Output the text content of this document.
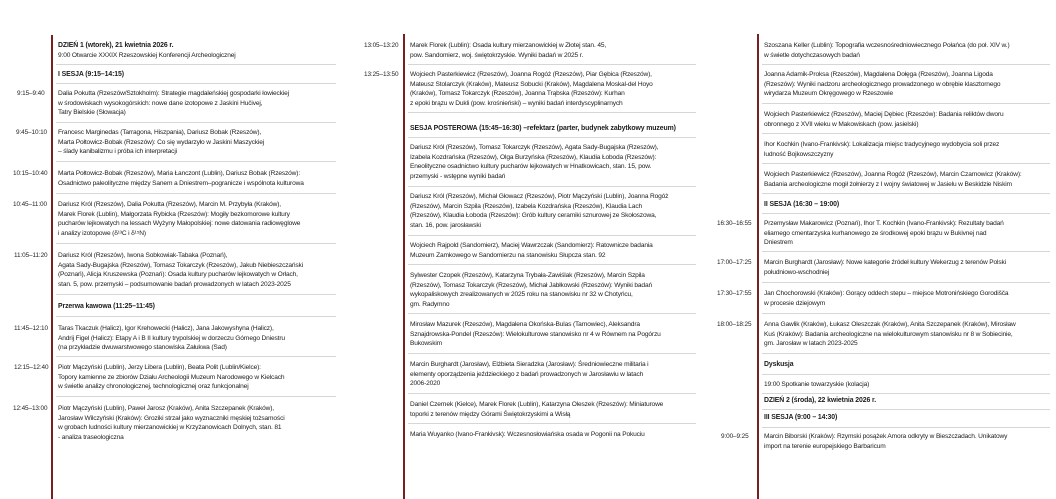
DZIEŃ 1 (wtorek), 21 kwietnia 2026 r.
9:00 Otwarcie XXXIX Rzeszowskiej Konferencji Archeologicznej
I SESJA (9:15–14:15)
9:15–9:40 Dalia Pokutta (Rzeszów/Sztokholm): Strategie magdaleńskiej gospodarki łowieckiej
w środowiskach wysokogórskich: nowe dane izotopowe z Jaskini Hučivej,
Tatry Bielskie (Słowacja)
9:45–10:10 Francesc Marginedas (Tarragona, Hiszpania), Dariusz Bobak (Rzeszów),
Marta Połtowicz-Bobak (Rzeszów): Co się wydarzyło w Jaskini Maszyckiej
– ślady kanibalizmu i próba ich interpretacji
10:15–10:40 Marta Połtowicz-Bobak (Rzeszów), Maria Łanczont (Lublin), Dariusz Bobak (Rzeszów):
Osadnictwo paleolityczne między Sanem a Dniestrem–pogranicze i wspólnota kulturowa
10:45–11:00 Dariusz Król (Rzeszów), Dalia Pokutta (Rzeszów), Marcin M. Przybyła (Kraków),
Marek Florek (Lublin), Małgorzata Rybicka (Rzeszów): Mogiły bezkomorowe kultury
pucharów lejkowatych na lessach Wyżyny Małopolskiej: nowe datowania radiowęglowe
i analizy izotopowe (δ¹³C i δ¹⁵N)
11:05–11:20 Dariusz Król (Rzeszów), Iwona Sobkowiak-Tabaka (Poznań),
Agata Sady-Bugajska (Rzeszów), Tomasz Tokarczyk (Rzeszów), Jakub Niebieszczański
(Poznań), Alicja Kruszewska (Poznań): Osada kultury pucharów lejkowatych w Orłach,
stan. 5, pow. przemyski – podsumowanie badań prowadzonych w latach 2023-2025
Przerwa kawowa (11:25–11:45)
11:45–12:10 Taras Tkaczuk (Halicz), Igor Krehowecki (Halicz), Jana Jakowyshyna (Halicz),
Andrij Figel (Halicz): Etapy A i B II kultury trypolskiej w dorzeczu Górnego Dniestru
(na przykładzie dwuwarstwowego stanowiska Załukwa (Sad)
12:15–12:40 Piotr Mączyński (Lublin), Jerzy Libera (Lublin), Beata Polit (Lublin/Kielce):
Topory kamienne ze zbiorów Działu Archeologii Muzeum Narodowego w Kielcach
w świetle analizy chronologicznej, technologicznej oraz funkcjonalnej
12:45–13:00 Piotr Mączyński (Lublin), Paweł Jarosz (Kraków), Anita Szczepanek (Kraków),
Jarosław Wilczyński (Kraków): Groziki strzał jako wyznaczniki męskiej tożsamości
w grobach ludności kultury mierzanowickiej w Krzyżanowicach Dolnych, stan. 81
- analiza traseologiczna
13:05–13:20 Marek Florek (Lublin): Osada kultury mierzanowickiej w Złotej stan. 45,
pow. Sandomierz, woj. świętokrzyskie. Wyniki badań w 2025 r.
13:25–13:50 Wojciech Pasterkiewicz (Rzeszów), Joanna Rogóż (Rzeszów), Piar Gębica (Rzeszów),
Mateusz Stolarczyk (Kraków), Mateusz Sobucki (Kraków), Magdalena Moskal-del Hoyo
(Kraków), Tomasz Tokarczyk (Rzeszów), Joanna Trąbska (Rzeszów): Kurhan
z epoki brązu w Dukli (pow. krośnieński) – wyniki badań interdyscyplinarnych
SESJA POSTEROWA (15:45–16:30) –refektarz (parter, budynek zabytkowy muzeum)
Dariusz Król (Rzeszów), Tomasz Tokarczyk (Rzeszów), Agata Sady-Bugajska (Rzeszów),
Izabela Kozdrańska (Rzeszów), Olga Burzyńska (Rzeszów), Klaudia Łoboda (Rzeszów):
Eneolityczne osadnictwo kultury pucharów lejkowatych w Hnatkowicach, stan. 15, pow.
przemyski - wstępne wyniki badań
Dariusz Król (Rzeszów), Michał Głowacz (Rzeszów), Piotr Mączyński (Lublin), Joanna Rogóż
(Rzeszów), Marcin Szpila (Rzeszów), Izabela Kozdrańska (Rzeszów), Klaudia Lach
(Rzeszów), Klaudia Łoboda (Rzeszów): Grób kultury ceramiki sznurowej ze Skołoszowa,
stan. 16, pow. jarosławski
Wojciech Rajpold (Sandomierz), Maciej Wawrzczak (Sandomierz): Ratownicze badania
Muzeum Zamkowego w Sandomierzu na stanowisku Słupcza stan. 92
Sylwester Czopek (Rzeszów), Katarzyna Trybała-Zawiślak (Rzeszów), Marcin Szpila
(Rzeszów), Tomasz Tokarczyk (Rzeszów), Michał Jabłkowski (Rzeszów): Wyniki badań
wykopaliskowych zrealizowanych w 2025 roku na stanowisku nr 32 w Chotyńcu,
gm. Radymno
Mirosław Mazurek (Rzeszów), Magdalena Okońska-Bulas (Tarnowiec), Aleksandra
Sznajdrowska-Pondel (Rzeszów): Wielokulturowe stanowisko nr 4 w Równem na Pogórzu
Bukowskim
Marcin Burghardt (Jarosław), Elżbieta Sieradzka (Jarosław): Średniowieczne militaria i
elementy oporządzenia jeździeckiego z badań prowadzonych w Jarosławiu w latach
2006-2020
Daniel Czernek (Kielce), Marek Florek (Lublin), Katarzyna Oleszek (Rzeszów): Miniaturowe
toporki z terenów między Górami Świętokrzyskimi a Wisłą
Maria Wuyanko (Ivano-Frankivsk): Wczesnosłowiańska osada w Pogonii na Pokuciu
Szoszana Keller (Lublin): Topografia wczesnośredniowiecznego Połańca (do poł. XIV w.)
w świetle dotychczasowych badań
Joanna Adamik-Proksa (Rzeszów), Magdalena Dołęga (Rzeszów), Joanna Ligoda
(Rzeszów): Wyniki nadzoru archeologicznego prowadzonego w obrębie klasztornego
wirydarza Muzeum Okręgowego w Rzeszowie
Wojciech Pasterkiewicz (Rzeszów), Maciej Dębiec (Rzeszów): Badania reliktów dworu
obronnego z XVII wieku w Makowiskach (pow. jasielski)
Ihor Kochkin (Ivano-Frankivsk): Lokalizacja miejsc tradycyjnego wydobycia soli przez
ludność Bojkowszczyzny
Wojciech Pasterkiewicz (Rzeszów), Joanna Rogóż (Rzeszów), Marcin Czarnowicz (Kraków):
Badania archeologiczne mogił żołnierzy z I wojny światowej w Jasielu w Beskidzie Niskim
II SESJA (16:30 – 19:00)
16:30–16:55 Przemysław Makarowicz (Poznań), Ihor T. Kochkin (Ivano-Frankivsk): Rezultaty badań
eliarnego cmentarzyska kurhanowego ze środkowej epoki brązu w Bukivnej nad
Dniestrem
17:00–17:25 Marcin Burghardt (Jarosław): Nowe kategorie źródeł kultury Wekerzug z terenów Polski
południowo-wschodniej
17:30–17:55 Jan Chochorowski (Kraków): Gorący oddech stepu – miejsce Motronińskiego Gorodišča
w procesie dziejowym
18:00–18:25 Anna Gawlik (Kraków), Łukasz Oleszczak (Kraków), Anita Szczepanek (Kraków), Mirosław
Kuś (Kraków): Badania archeologiczne na wielokulturowym stanowisku nr 8 w Sobiecinie,
gm. Jarosław w latach 2023-2025
Dyskusja
19:00 Spotkanie towarzyskie (kolacja)
DZIEŃ 2 (środa), 22 kwietnia 2026 r.
III SESJA (9:00 – 14:30)
9:00–9:25 Marcin Biborski (Kraków): Rzymski posążek Amora odkryty w Bieszczadach. Unikatowy
import na terenie europejskiego Barbaricum
